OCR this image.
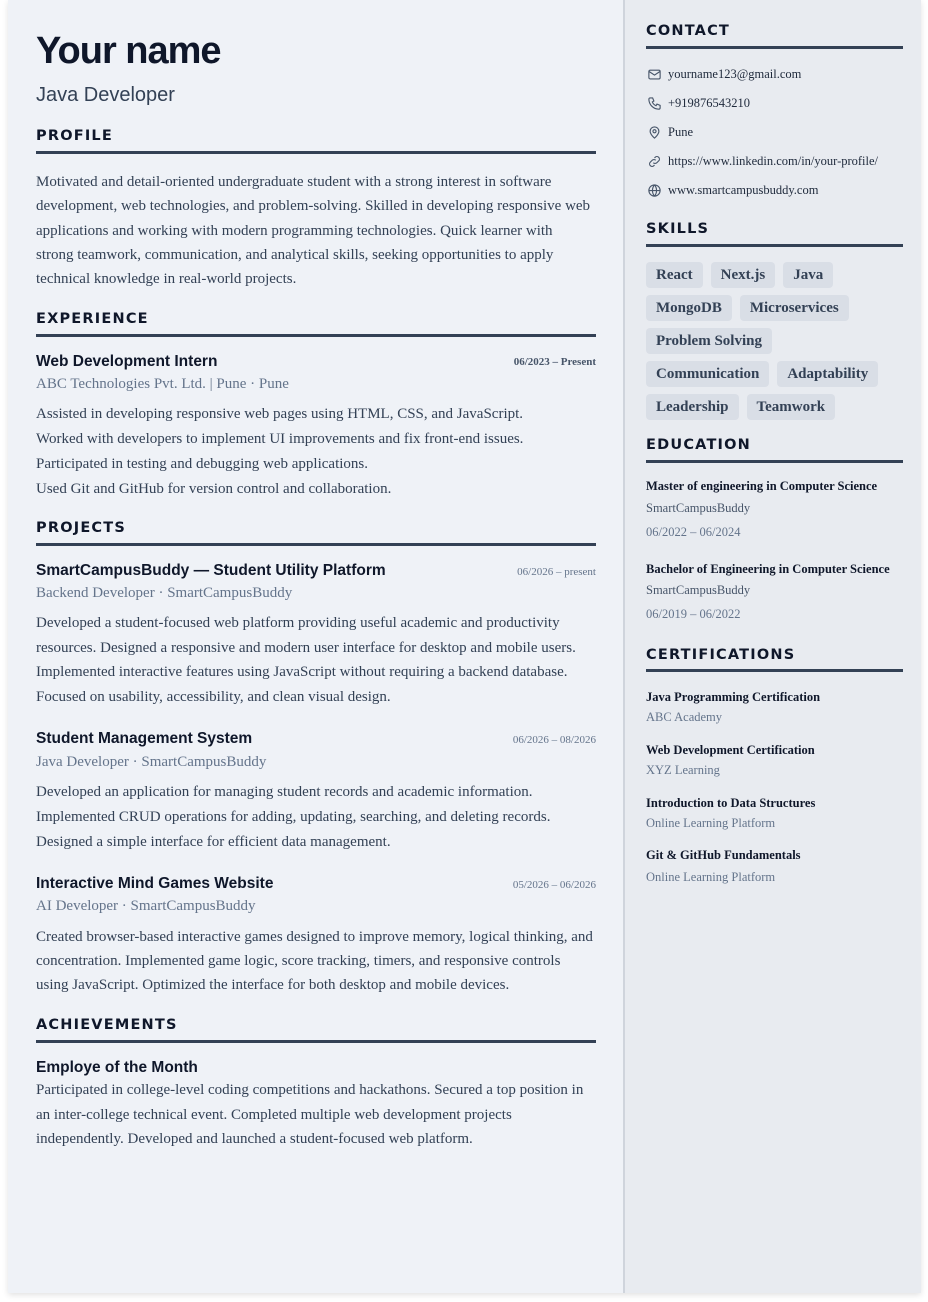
Your name
Java Developer
PROFILE
Motivated and detail-oriented undergraduate student with a strong interest in software
development, web technologies, and problem-solving. Skilled in developing responsive web
applications and working with modern programming technologies. Quick learner with
strong teamwork, communication, and analytical skills, seeking opportunities to apply
technical knowledge in real-world projects.
EXPERIENCE
Web Development Intern	06/2023 – Present
ABC Technologies Pvt. Ltd. | Pune · Pune
Assisted in developing responsive web pages using HTML, CSS, and JavaScript.
Worked with developers to implement UI improvements and fix front-end issues.
Participated in testing and debugging web applications.
Used Git and GitHub for version control and collaboration.
PROJECTS
SmartCampusBuddy — Student Utility Platform	06/2026 – present
Backend Developer · SmartCampusBuddy
Developed a student-focused web platform providing useful academic and productivity
resources. Designed a responsive and modern user interface for desktop and mobile users.
Implemented interactive features using JavaScript without requiring a backend database.
Focused on usability, accessibility, and clean visual design.
Student Management System	06/2026 – 08/2026
Java Developer · SmartCampusBuddy
Developed an application for managing student records and academic information.
Implemented CRUD operations for adding, updating, searching, and deleting records.
Designed a simple interface for efficient data management.
Interactive Mind Games Website	05/2026 – 06/2026
AI Developer · SmartCampusBuddy
Created browser-based interactive games designed to improve memory, logical thinking, and
concentration. Implemented game logic, score tracking, timers, and responsive controls
using JavaScript. Optimized the interface for both desktop and mobile devices.
ACHIEVEMENTS
Employe of the Month
Participated in college-level coding competitions and hackathons. Secured a top position in
an inter-college technical event. Completed multiple web development projects
independently. Developed and launched a student-focused web platform.
CONTACT
yourname123@gmail.com
+919876543210
Pune
https://www.linkedin.com/in/your-profile/
www.smartcampusbuddy.com
SKILLS
React	Next.js	Java
MongoDB	Microservices
Problem Solving
Communication	Adaptability
Leadership	Teamwork
EDUCATION
Master of engineering in Computer Science
SmartCampusBuddy
06/2022 – 06/2024
Bachelor of Engineering in Computer Science
SmartCampusBuddy
06/2019 – 06/2022
CERTIFICATIONS
Java Programming Certification
ABC Academy
Web Development Certification
XYZ Learning
Introduction to Data Structures
Online Learning Platform
Git & GitHub Fundamentals
Online Learning Platform
